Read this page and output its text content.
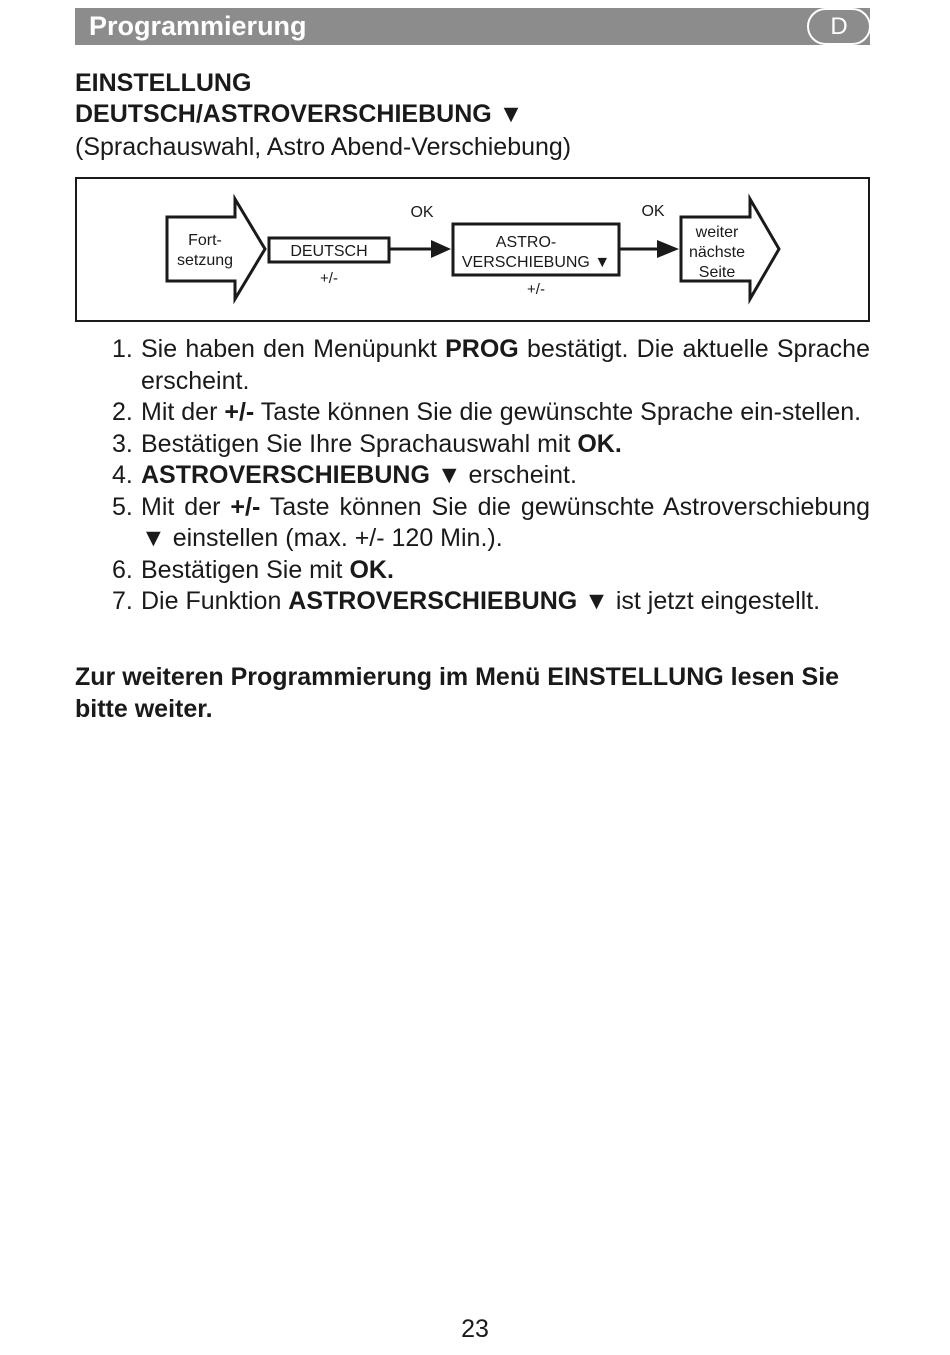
Programmierung	D
EINSTELLUNG
DEUTSCH/ASTROVERSCHIEBUNG ▼
(Sprachauswahl, Astro Abend-Verschiebung)
Fort-
setzung
DEUTSCH
+/-
OK
ASTRO-
VERSCHIEBUNG ▼
+/-
OK
weiter
nächste
Seite
1. Sie haben den Menüpunkt PROG bestätigt. Die aktuelle Sprache erscheint.
2. Mit der +/- Taste können Sie die gewünschte Sprache ein-stellen.
3. Bestätigen Sie Ihre Sprachauswahl mit OK.
4. ASTROVERSCHIEBUNG ▼ erscheint.
5. Mit der +/- Taste können Sie die gewünschte Astroverschiebung ▼ einstellen (max. +/- 120 Min.).
6. Bestätigen Sie mit OK.
7. Die Funktion ASTROVERSCHIEBUNG ▼ ist jetzt eingestellt.
Zur weiteren Programmierung im Menü EINSTELLUNG lesen Sie bitte weiter.
23
